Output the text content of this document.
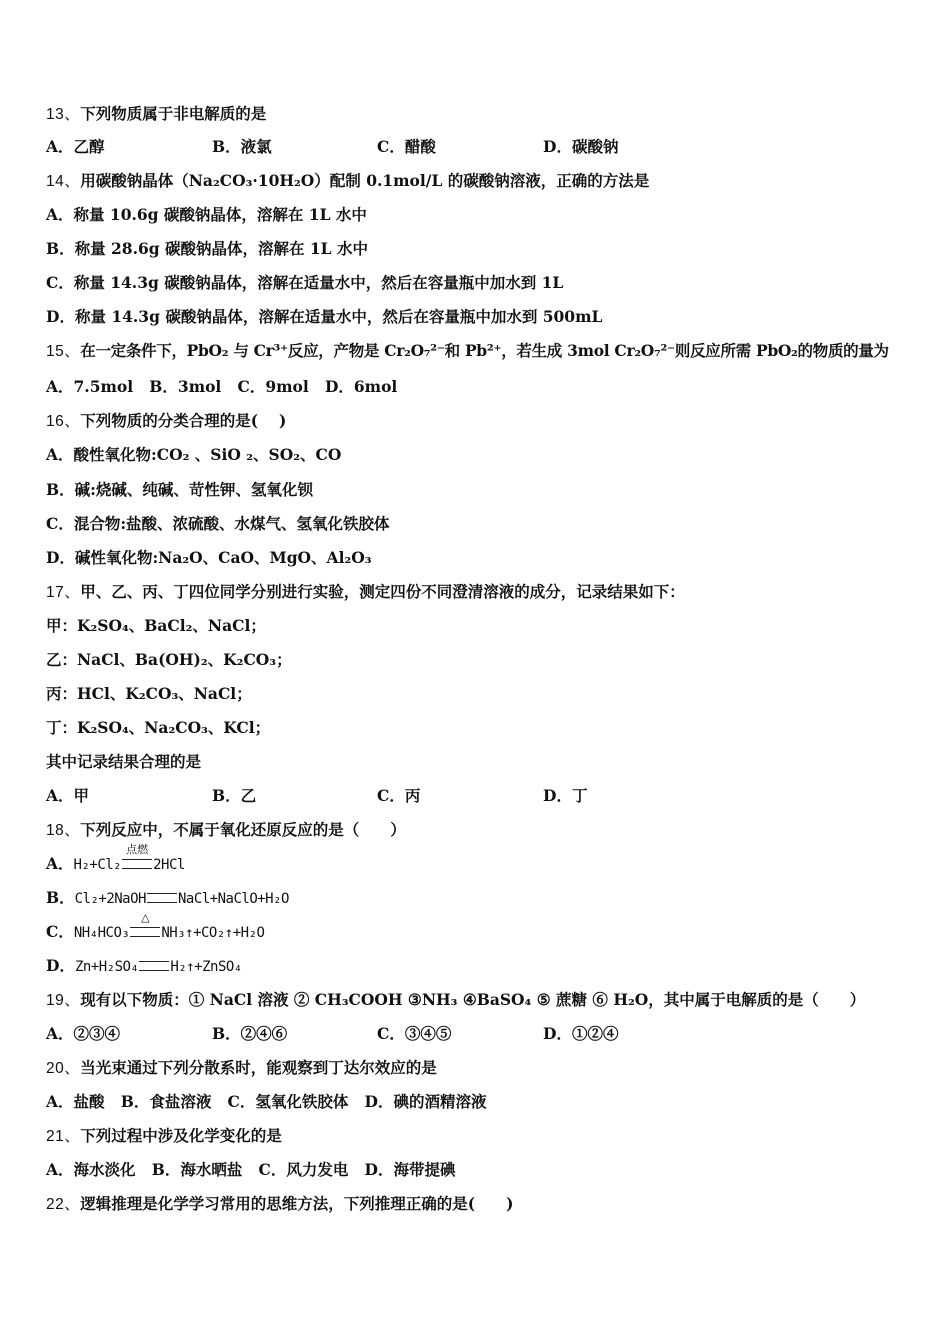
13、下列物质属于非电解质的是
A．乙醇	B．液氯	C．醋酸	D．碳酸钠
14、用碳酸钠晶体（Na₂CO₃·10H₂O）配制 0.1mol/L 的碳酸钠溶液，正确的方法是
A．称量 10.6g 碳酸钠晶体，溶解在 1L 水中
B．称量 28.6g 碳酸钠晶体，溶解在 1L 水中
C．称量 14.3g 碳酸钠晶体，溶解在适量水中，然后在容量瓶中加水到 1L
D．称量 14.3g 碳酸钠晶体，溶解在适量水中，然后在容量瓶中加水到 500mL
15、在一定条件下，PbO₂ 与 Cr³⁺反应，产物是 Cr₂O₇²⁻和 Pb²⁺，若生成 3mol Cr₂O₇²⁻则反应所需 PbO₂的物质的量为
A．7.5mol   B．3mol   C．9mol   D．6mol
16、下列物质的分类合理的是(　 )
A．酸性氧化物:CO₂ 、SiO ₂、SO₂、CO
B．碱:烧碱、纯碱、苛性钾、氢氧化钡
C．混合物:盐酸、浓硫酸、水煤气、氢氧化铁胶体
D．碱性氧化物:Na₂O、CaO、MgO、Al₂O₃
17、甲、乙、丙、丁四位同学分别进行实验，测定四份不同澄清溶液的成分，记录结果如下：
甲：K₂SO₄、BaCl₂、NaCl；
乙：NaCl、Ba(OH)₂、K₂CO₃；
丙：HCl、K₂CO₃、NaCl；
丁：K₂SO₄、Na₂CO₃、KCl；
其中记录结果合理的是
A．甲	B．乙	C．丙	D．丁
18、下列反应中，不属于氧化还原反应的是（　　）
A．H₂+Cl₂
点燃
2HCl
B．Cl₂+2NaOH NaCl+NaClO+H₂O
C．NH₄HCO₃
△
NH₃↑+CO₂↑+H₂O
D．Zn+H₂SO₄ H₂↑+ZnSO₄
19、现有以下物质：① NaCl 溶液 ② CH₃COOH ③NH₃ ④BaSO₄ ⑤ 蔗糖 ⑥ H₂O，其中属于电解质的是（　　）
A．②③④	B．②④⑥	C．③④⑤	D．①②④
20、当光束通过下列分散系时，能观察到丁达尔效应的是
A．盐酸   B．食盐溶液   C．氢氧化铁胶体   D．碘的酒精溶液
21、下列过程中涉及化学变化的是
A．海水淡化   B．海水晒盐   C．风力发电   D．海带提碘
22、逻辑推理是化学学习常用的思维方法，下列推理正确的是(　　)
